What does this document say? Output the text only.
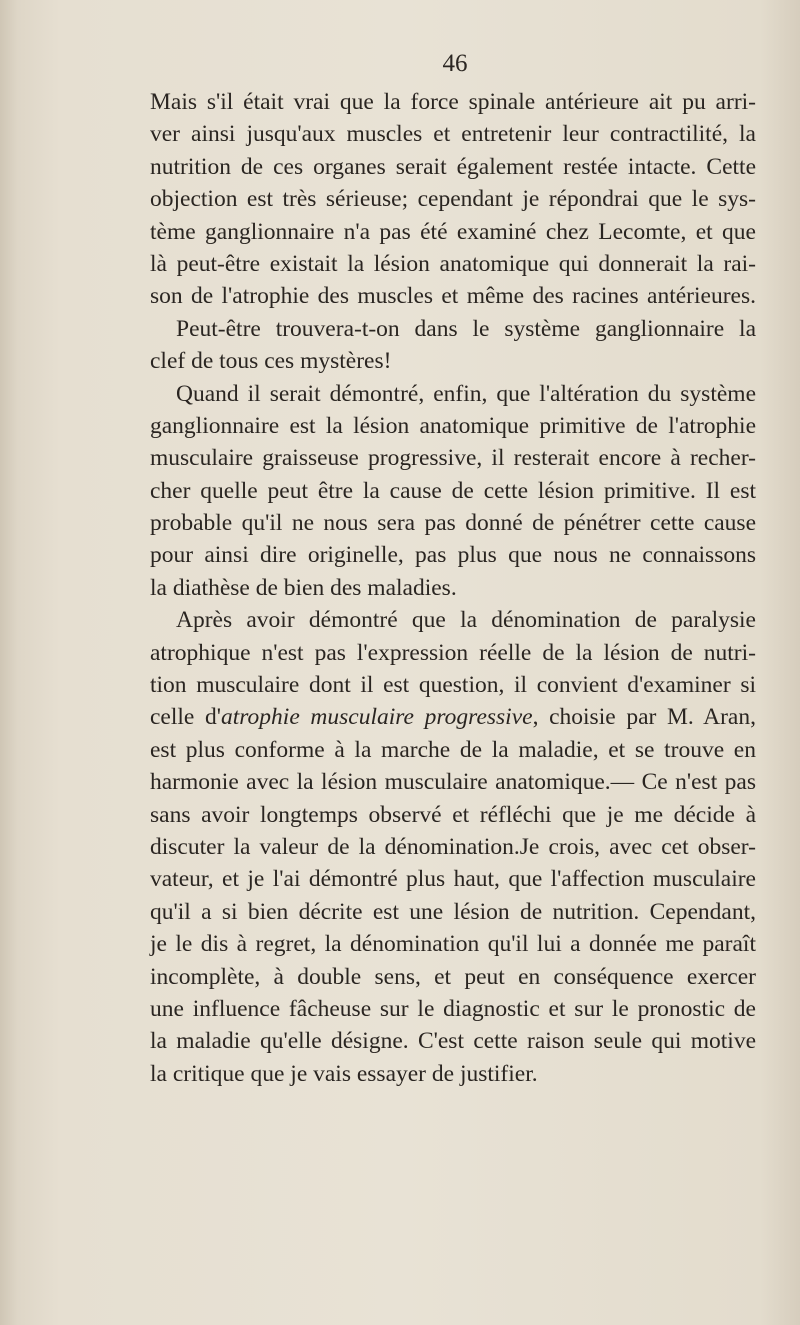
46
Mais s'il était vrai que la force spinale antérieure ait pu arri-
ver ainsi jusqu'aux muscles et entretenir leur contractilité, la
nutrition de ces organes serait également restée intacte. Cette
objection est très sérieuse; cependant je répondrai que le sys-
tème ganglionnaire n'a pas été examiné chez Lecomte, et que
là peut-être existait la lésion anatomique qui donnerait la rai-
son de l'atrophie des muscles et même des racines antérieures.
Peut-être trouvera-t-on dans le système ganglionnaire la
clef de tous ces mystères!
Quand il serait démontré, enfin, que l'altération du système
ganglionnaire est la lésion anatomique primitive de l'atrophie
musculaire graisseuse progressive, il resterait encore à recher-
cher quelle peut être la cause de cette lésion primitive. Il est
probable qu'il ne nous sera pas donné de pénétrer cette cause
pour ainsi dire originelle, pas plus que nous ne connaissons
la diathèse de bien des maladies.
Après avoir démontré que la dénomination de paralysie
atrophique n'est pas l'expression réelle de la lésion de nutri-
tion musculaire dont il est question, il convient d'examiner si
celle d'atrophie musculaire progressive, choisie par M. Aran,
est plus conforme à la marche de la maladie, et se trouve en
harmonie avec la lésion musculaire anatomique.— Ce n'est pas
sans avoir longtemps observé et réfléchi que je me décide à
discuter la valeur de la dénomination.Je crois, avec cet obser-
vateur, et je l'ai démontré plus haut, que l'affection musculaire
qu'il a si bien décrite est une lésion de nutrition. Cependant,
je le dis à regret, la dénomination qu'il lui a donnée me paraît
incomplète, à double sens, et peut en conséquence exercer
une influence fâcheuse sur le diagnostic et sur le pronostic de
la maladie qu'elle désigne. C'est cette raison seule qui motive
la critique que je vais essayer de justifier.
